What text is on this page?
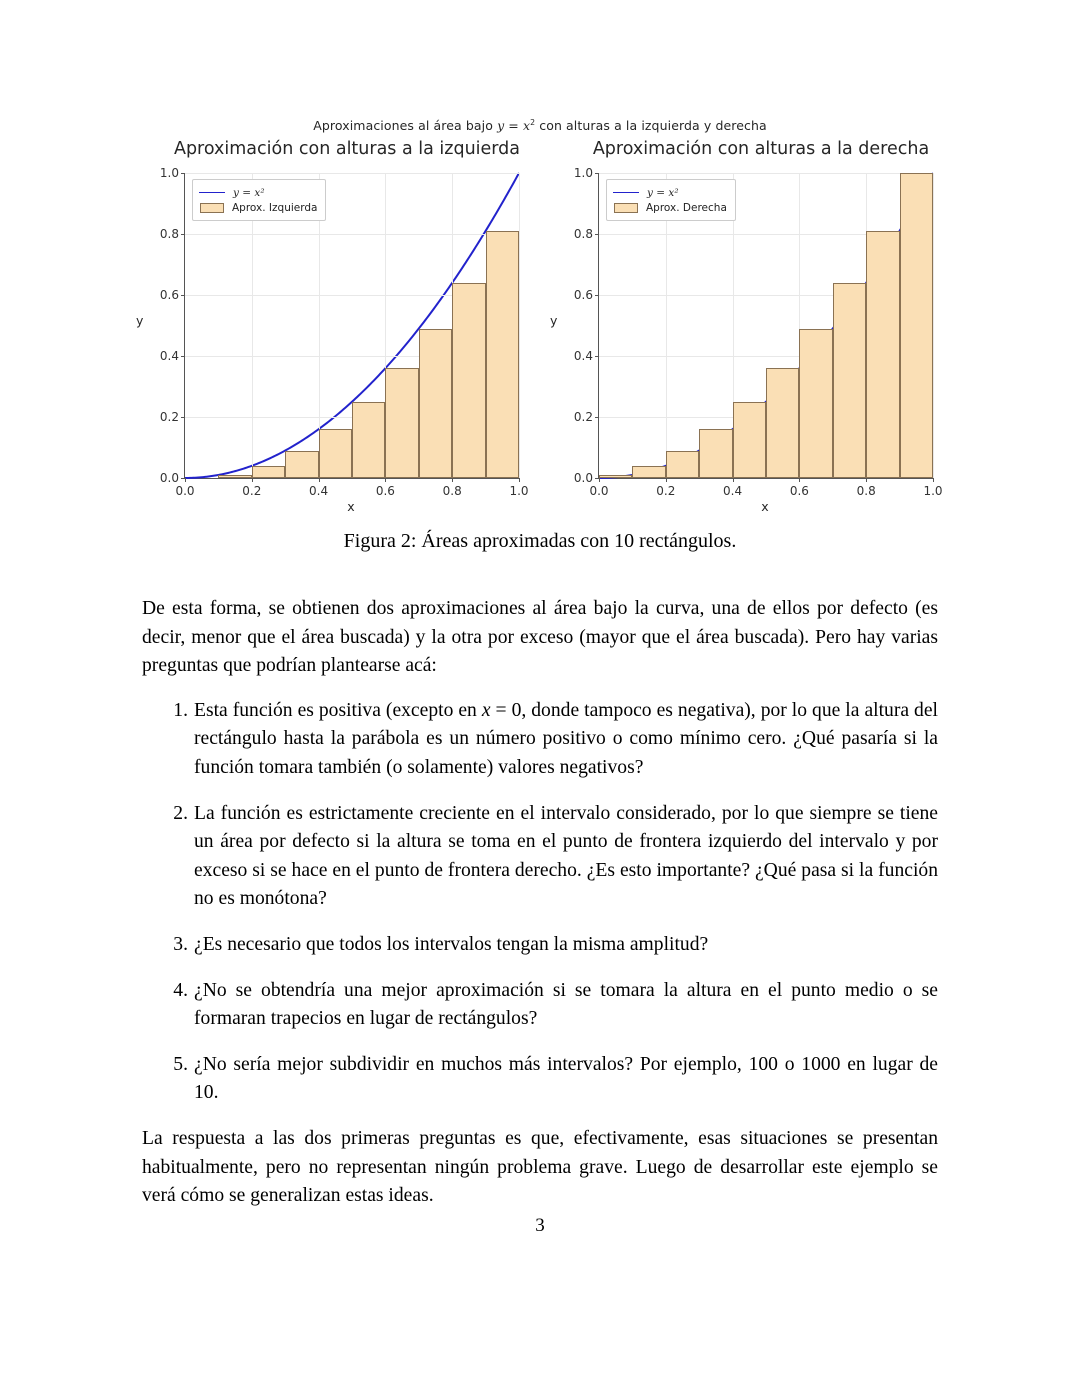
Aproximaciones al área bajo $y = x^2$ con alturas a la izquierda y derecha
Aproximación con alturas a la izquierda
y
y = x²
Aprox. Izquierda
0.0
0.2
0.4
0.6
0.8
1.0
0.0	0.2	0.4	0.6	0.8	1.0
x
Aproximación con alturas a la derecha
y
y = x²
Aprox. Derecha
0.0
0.2
0.4
0.6
0.8
1.0
0.0	0.2	0.4	0.6	0.8	1.0
x
Figura 2: Áreas aproximadas con 10 rectángulos.

De esta forma, se obtienen dos aproximaciones al área bajo la curva, una de ellos por defecto (es decir, menor que el área buscada) y la otra por exceso (mayor que el área buscada). Pero hay varias preguntas que podrían plantearse acá:

Esta función es positiva (excepto en x = 0, donde tampoco es negativa), por lo que la altura del rectángulo hasta la parábola es un número positivo o como mínimo cero. ¿Qué pasaría si la función tomara también (o solamente) valores negativos?
La función es estrictamente creciente en el intervalo considerado, por lo que siempre se tiene un área por defecto si la altura se toma en el punto de frontera izquierdo del intervalo y por exceso si se hace en el punto de frontera derecho. ¿Es esto importante? ¿Qué pasa si la función no es monótona?
¿Es necesario que todos los intervalos tengan la misma amplitud?
¿No se obtendría una mejor aproximación si se tomara la altura en el punto medio o se formaran trapecios en lugar de rectángulos?
¿No sería mejor subdividir en muchos más intervalos? Por ejemplo, 100 o 1000 en lugar de 10.

La respuesta a las dos primeras preguntas es que, efectivamente, esas situaciones se presentan habitualmente, pero no representan ningún problema grave. Luego de desarrollar este ejemplo se verá cómo se generalizan estas ideas.

3
